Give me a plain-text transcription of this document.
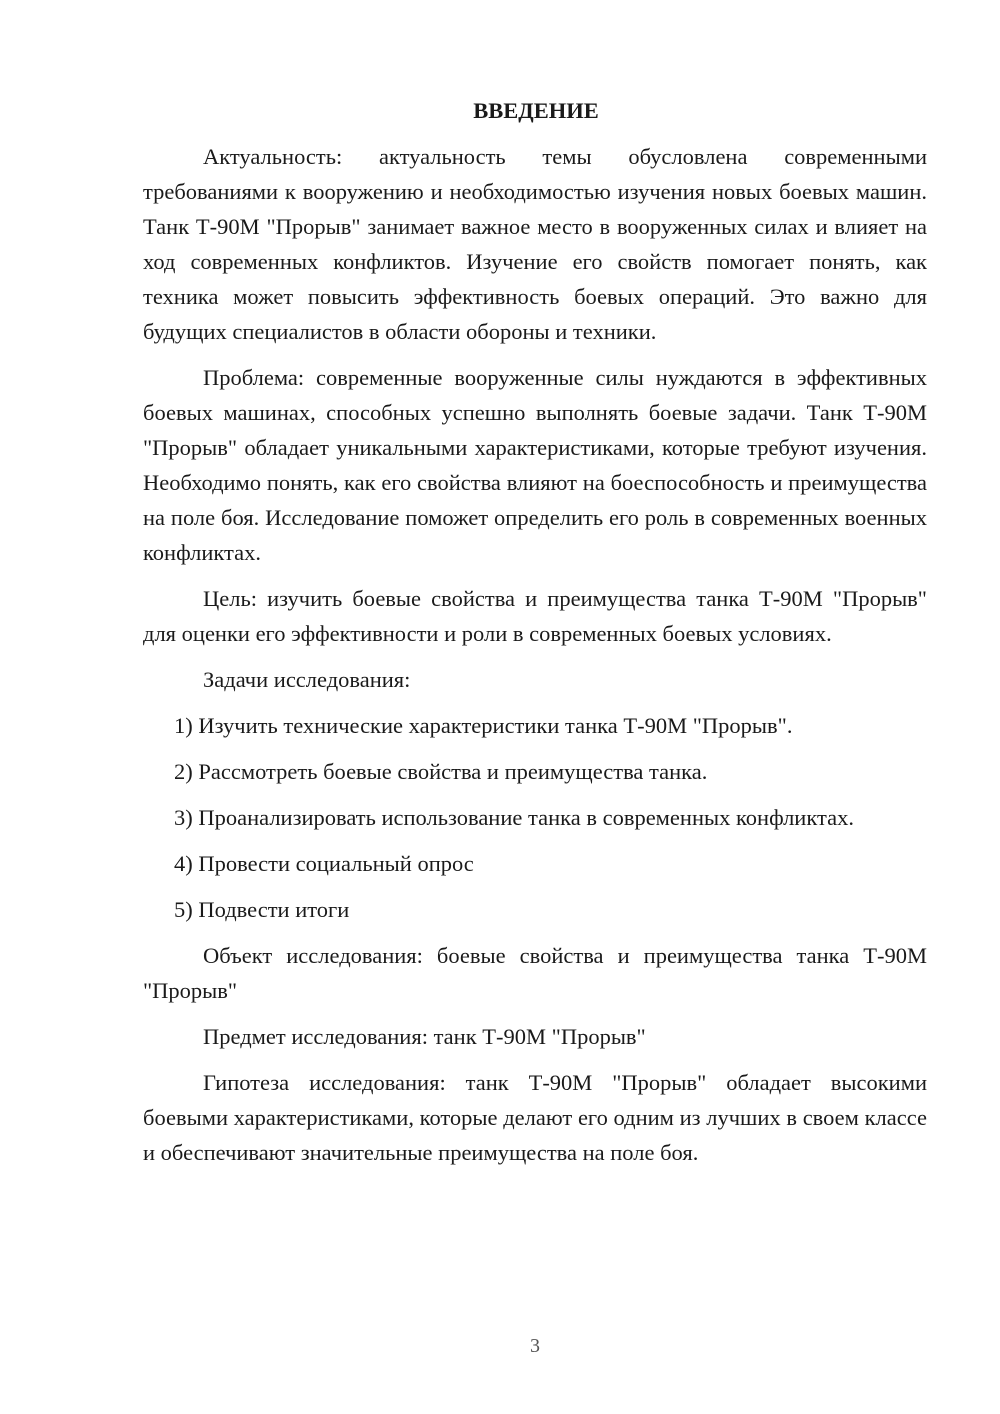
ВВЕДЕНИЕ

Актуальность: актуальность темы обусловлена современными требованиями к вооружению и необходимостью изучения новых боевых машин. Танк Т-90М "Прорыв" занимает важное место в вооруженных силах и влияет на ход современных конфликтов. Изучение его свойств помогает понять, как техника может повысить эффективность боевых операций. Это важно для будущих специалистов в области обороны и техники.

Проблема: современные вооруженные силы нуждаются в эффективных боевых машинах, способных успешно выполнять боевые задачи. Танк Т-90М "Прорыв" обладает уникальными характеристиками, которые требуют изучения. Необходимо понять, как его свойства влияют на боеспособность и преимущества на поле боя. Исследование поможет определить его роль в современных военных конфликтах.

Цель: изучить боевые свойства и преимущества танка Т-90М "Прорыв" для оценки его эффективности и роли в современных боевых условиях.

Задачи исследования:

1) Изучить технические характеристики танка Т-90М "Прорыв".

2) Рассмотреть боевые свойства и преимущества танка.

3) Проанализировать использование танка в современных конфликтах.

4) Провести социальный опрос

5) Подвести итоги

Объект исследования: боевые свойства и преимущества танка Т-90М "Прорыв"

Предмет исследования: танк Т-90М "Прорыв"

Гипотеза исследования: танк Т-90М "Прорыв" обладает высокими боевыми характеристиками, которые делают его одним из лучших в своем классе и обеспечивают значительные преимущества на поле боя.

3
